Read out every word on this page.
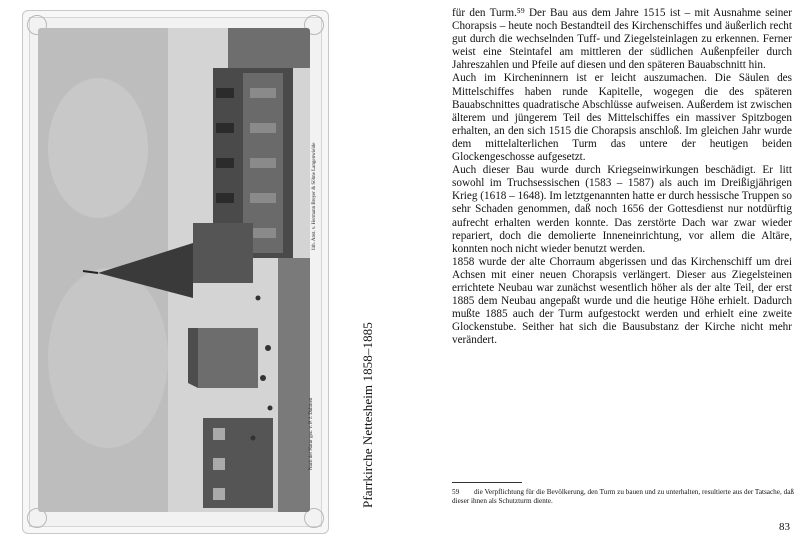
lith. Anst. v. Hermann Breyer & Söhne Langenwielde
Nach der Natur gez. v. P. J. Dahmen	Pfarrkirche Nettesheim 1858–1885

für den Turm.⁵⁹ Der Bau aus dem Jahre 1515 ist – mit Ausnahme seiner Chorapsis – heute noch Bestandteil des Kirchenschiffes und äußerlich recht gut durch die wechselnden Tuff- und Ziegelsteinlagen zu erkennen. Ferner weist eine Steintafel am mittleren der südlichen Außenpfeiler durch Jahreszahlen und Pfeile auf diesen und den späteren Bauabschnitt hin.

Auch im Kircheninnern ist er leicht auszumachen. Die Säulen des Mittelschiffes haben runde Kapitelle, wogegen die des späteren Bauabschnittes quadratische Abschlüsse aufweisen. Außerdem ist zwischen älterem und jüngerem Teil des Mittelschiffes ein massiver Spitzbogen erhalten, an den sich 1515 die Chorapsis anschloß. Im gleichen Jahr wurde dem mittelalterlichen Turm das untere der heutigen beiden Glockengeschosse aufgesetzt.

Auch dieser Bau wurde durch Kriegseinwirkungen beschädigt. Er litt sowohl im Truchsessischen (1583 – 1587) als auch im Dreißigjährigen Krieg (1618 – 1648). Im letztgenannten hatte er durch hessische Truppen so sehr Schaden genommen, daß noch 1656 der Gottesdienst nur notdürftig aufrecht erhalten werden konnte. Das zerstörte Dach war zwar wieder repariert, doch die demolierte Inneneinrichtung, vor allem die Altäre, konnten noch nicht wieder benutzt werden.

1858 wurde der alte Chorraum abgerissen und das Kirchenschiff um drei Achsen mit einer neuen Chorapsis verlängert. Dieser aus Ziegelsteinen errichtete Neubau war zunächst wesentlich höher als der alte Teil, der erst 1885 dem Neubau angepaßt wurde und die heutige Höhe erhielt. Dadurch mußte 1885 auch der Turm aufgestockt werden und erhielt eine zweite Glockenstube. Seither hat sich die Bausubstanz der Kirche nicht mehr verändert.

59 die Verpflichtung für die Bevölkerung, den Turm zu bauen und zu unterhalten, resultierte aus der Tatsache, daß dieser ihnen als Schutzturm diente.
83
